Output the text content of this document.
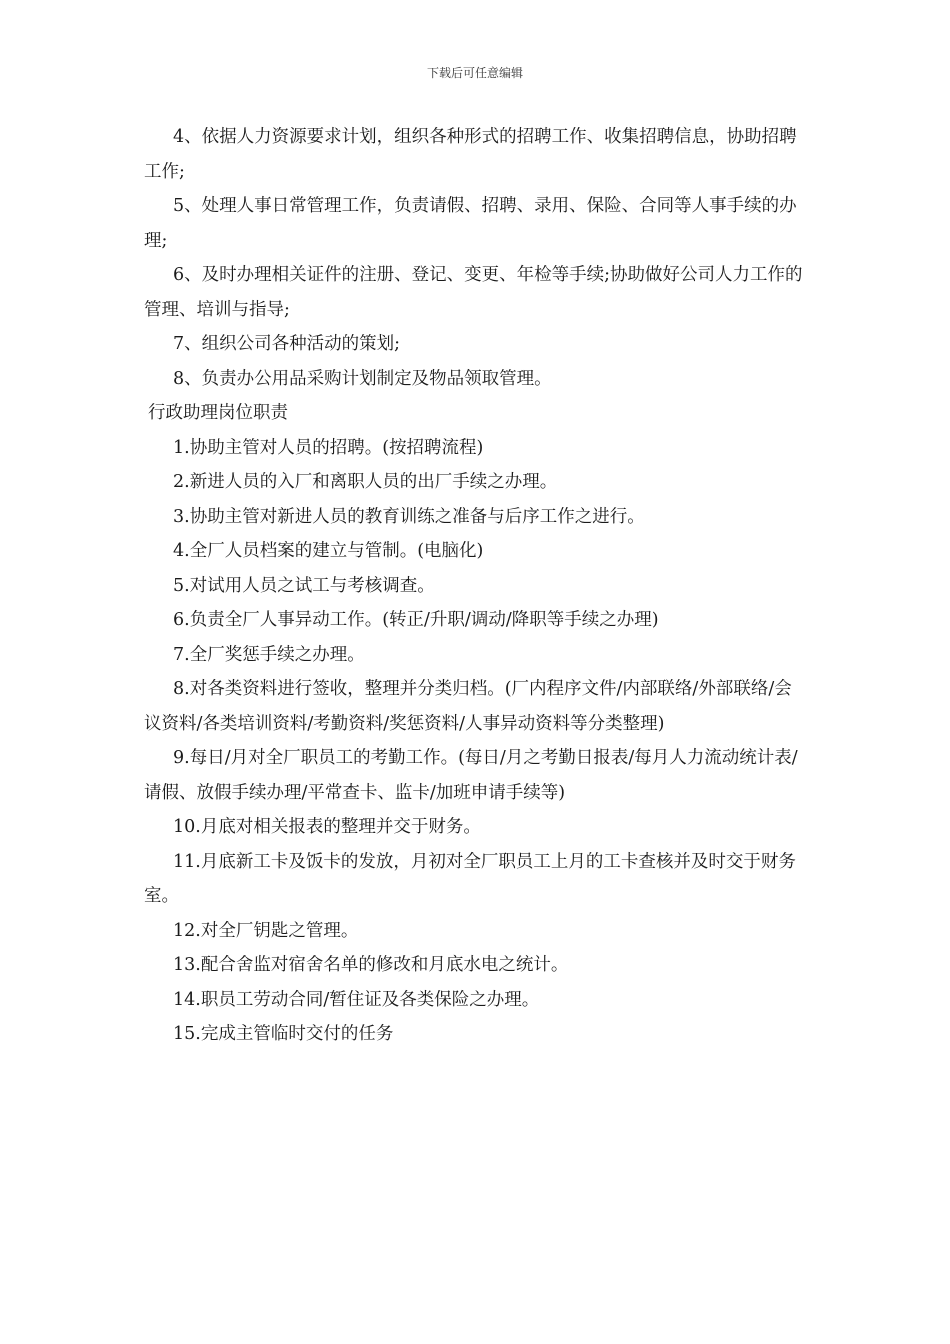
下载后可任意编辑

4、依据人力资源要求计划，组织各种形式的招聘工作、收集招聘信息，协助招聘工作;

5、处理人事日常管理工作，负责请假、招聘、录用、保险、合同等人事手续的办理;

6、及时办理相关证件的注册、登记、变更、年检等手续;协助做好公司人力工作的管理、培训与指导;

7、组织公司各种活动的策划;

8、负责办公用品采购计划制定及物品领取管理。

行政助理岗位职责

1.协助主管对人员的招聘。(按招聘流程)

2.新进人员的入厂和离职人员的出厂手续之办理。

3.协助主管对新进人员的教育训练之准备与后序工作之进行。

4.全厂人员档案的建立与管制。(电脑化)

5.对试用人员之试工与考核调查。

6.负责全厂人事异动工作。(转正/升职/调动/降职等手续之办理)

7.全厂奖惩手续之办理。

8.对各类资料进行签收，整理并分类归档。(厂内程序文件/内部联络/外部联络/会议资料/各类培训资料/考勤资料/奖惩资料/人事异动资料等分类整理)

9.每日/月对全厂职员工的考勤工作。(每日/月之考勤日报表/每月人力流动统计表/请假、放假手续办理/平常查卡、监卡/加班申请手续等)

10.月底对相关报表的整理并交于财务。

11.月底新工卡及饭卡的发放，月初对全厂职员工上月的工卡查核并及时交于财务室。

12.对全厂钥匙之管理。

13.配合舍监对宿舍名单的修改和月底水电之统计。

14.职员工劳动合同/暂住证及各类保险之办理。

15.完成主管临时交付的任务
